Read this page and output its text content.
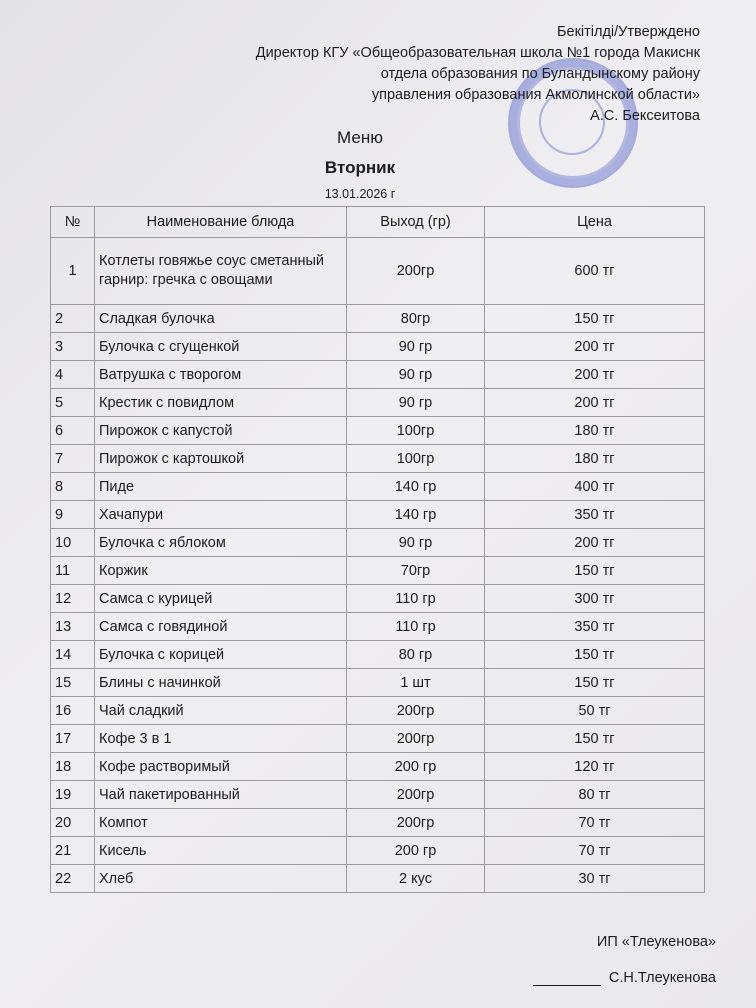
Бекітілді/Утверждено
Директор КГУ «Общеобразовательная школа №1 города Макиснк
отдела образования по Буландынскому району
управления образования Акмолинской области»
А.С. Бексеитова
Меню
Вторник
13.01.2026 г
№	Наименование блюда	Выход (гр)	Цена
1	Котлеты говяжье соус сметанный гарнир: гречка с овощами	200гр	600 тг
2	Сладкая булочка	80гр	150 тг
3	Булочка с сгущенкой	90 гр	200 тг
4	Ватрушка с творогом	90 гр	200 тг
5	Крестик с повидлом	90 гр	200 тг
6	Пирожок с капустой	100гр	180 тг
7	Пирожок с картошкой	100гр	180 тг
8	Пиде	140 гр	400 тг
9	Хачапури	140 гр	350 тг
10	Булочка с яблоком	90 гр	200 тг
11	Коржик	70гр	150 тг
12	Самса с курицей	110 гр	300 тг
13	Самса с говядиной	110 гр	350 тг
14	Булочка с корицей	80 гр	150 тг
15	Блины с начинкой	1 шт	150 тг
16	Чай сладкий	200гр	50 тг
17	Кофе 3 в 1	200гр	150 тг
18	Кофе растворимый	200 гр	120 тг
19	Чай пакетированный	200гр	80 тг
20	Компот	200гр	70 тг
21	Кисель	200 гр	70 тг
22	Хлеб	2 кус	30 тг
ИП «Тлеукенова»
С.Н.Тлеукенова
